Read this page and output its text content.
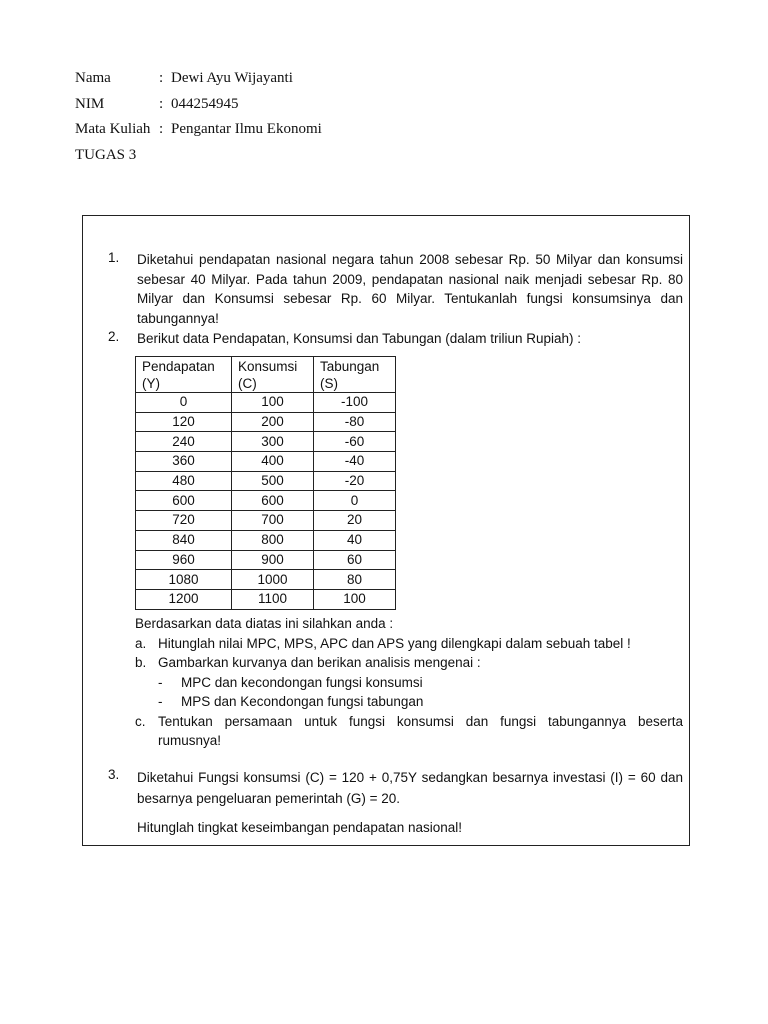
Nama	: Dewi Ayu Wijayanti
NIM	: 044254945
Mata Kuliah : Pengantar Ilmu Ekonomi
TUGAS 3
1. Diketahui pendapatan nasional negara tahun 2008 sebesar Rp. 50 Milyar dan konsumsi sebesar 40 Milyar. Pada tahun 2009, pendapatan nasional naik menjadi sebesar Rp. 80 Milyar dan Konsumsi sebesar Rp. 60 Milyar. Tentukanlah fungsi konsumsinya dan tabungannya!
2. Berikut data Pendapatan, Konsumsi dan Tabungan (dalam triliun Rupiah) :
Pendapatan (Y)	Konsumsi (C)	Tabungan (S)
0	100	-100
120	200	-80
240	300	-60
360	400	-40
480	500	-20
600	600	0
720	700	20
840	800	40
960	900	60
1080	1000	80
1200	1100	100
Berdasarkan data diatas ini silahkan anda :
a. Hitunglah nilai MPC, MPS, APC dan APS yang dilengkapi dalam sebuah tabel !
b. Gambarkan kurvanya dan berikan analisis mengenai :
- MPC dan kecondongan fungsi konsumsi
- MPS dan Kecondongan fungsi tabungan
c. Tentukan persamaan untuk fungsi konsumsi dan fungsi tabungannya beserta rumusnya!
3. Diketahui Fungsi konsumsi (C) = 120 + 0,75Y sedangkan besarnya investasi (I) = 60 dan besarnya pengeluaran pemerintah (G) = 20.
Hitunglah tingkat keseimbangan pendapatan nasional!
